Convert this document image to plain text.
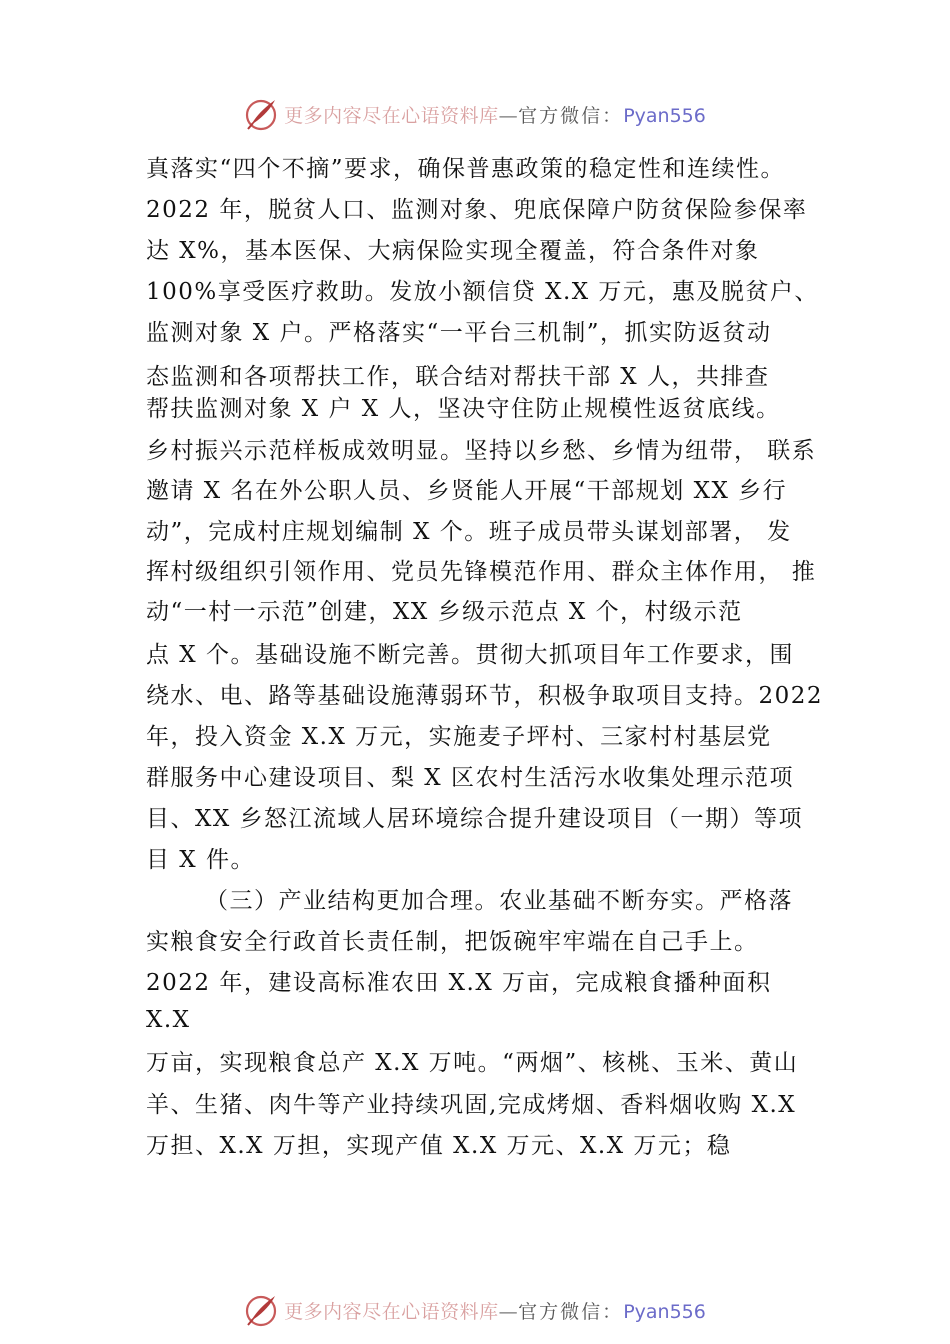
更多内容尽在心语资料库—官方微信：Pyan556
真落实“四个不摘”要求，确保普惠政策的稳定性和连续性。
2022 年，脱贫人口、监测对象、兜底保障户防贫保险参保率
达 X%，基本医保、大病保险实现全覆盖，符合条件对象
100%享受医疗救助。发放小额信贷 X.X 万元，惠及脱贫户、
监测对象 X 户。严格落实“一平台三机制”，抓实防返贫动
态监测和各项帮扶工作，联合结对帮扶干部 X 人，共排查
帮扶监测对象 X 户 X 人，坚决守住防止规模性返贫底线。
乡村振兴示范样板成效明显。坚持以乡愁、乡情为纽带， 联系
邀请 X 名在外公职人员、乡贤能人开展“干部规划 XX 乡行
动”，完成村庄规划编制 X 个。班子成员带头谋划部署， 发
挥村级组织引领作用、党员先锋模范作用、群众主体作用， 推
动“一村一示范”创建，XX 乡级示范点 X 个，村级示范
点 X 个。基础设施不断完善。贯彻大抓项目年工作要求，围
绕水、电、路等基础设施薄弱环节，积极争取项目支持。2022
年，投入资金 X.X 万元，实施麦子坪村、三家村村基层党
群服务中心建设项目、梨 X 区农村生活污水收集处理示范项
目、XX 乡怒江流域人居环境综合提升建设项目（一期）等项
目 X 件。
（三）产业结构更加合理。农业基础不断夯实。严格落
实粮食安全行政首长责任制，把饭碗牢牢端在自己手上。
2022 年，建设高标准农田 X.X 万亩，完成粮食播种面积
X.X
万亩，实现粮食总产 X.X 万吨。“两烟”、核桃、玉米、黄山
羊、生猪、肉牛等产业持续巩固,完成烤烟、香料烟收购 X.X
万担、X.X 万担，实现产值 X.X 万元、X.X 万元；稳
更多内容尽在心语资料库—官方微信：Pyan556
